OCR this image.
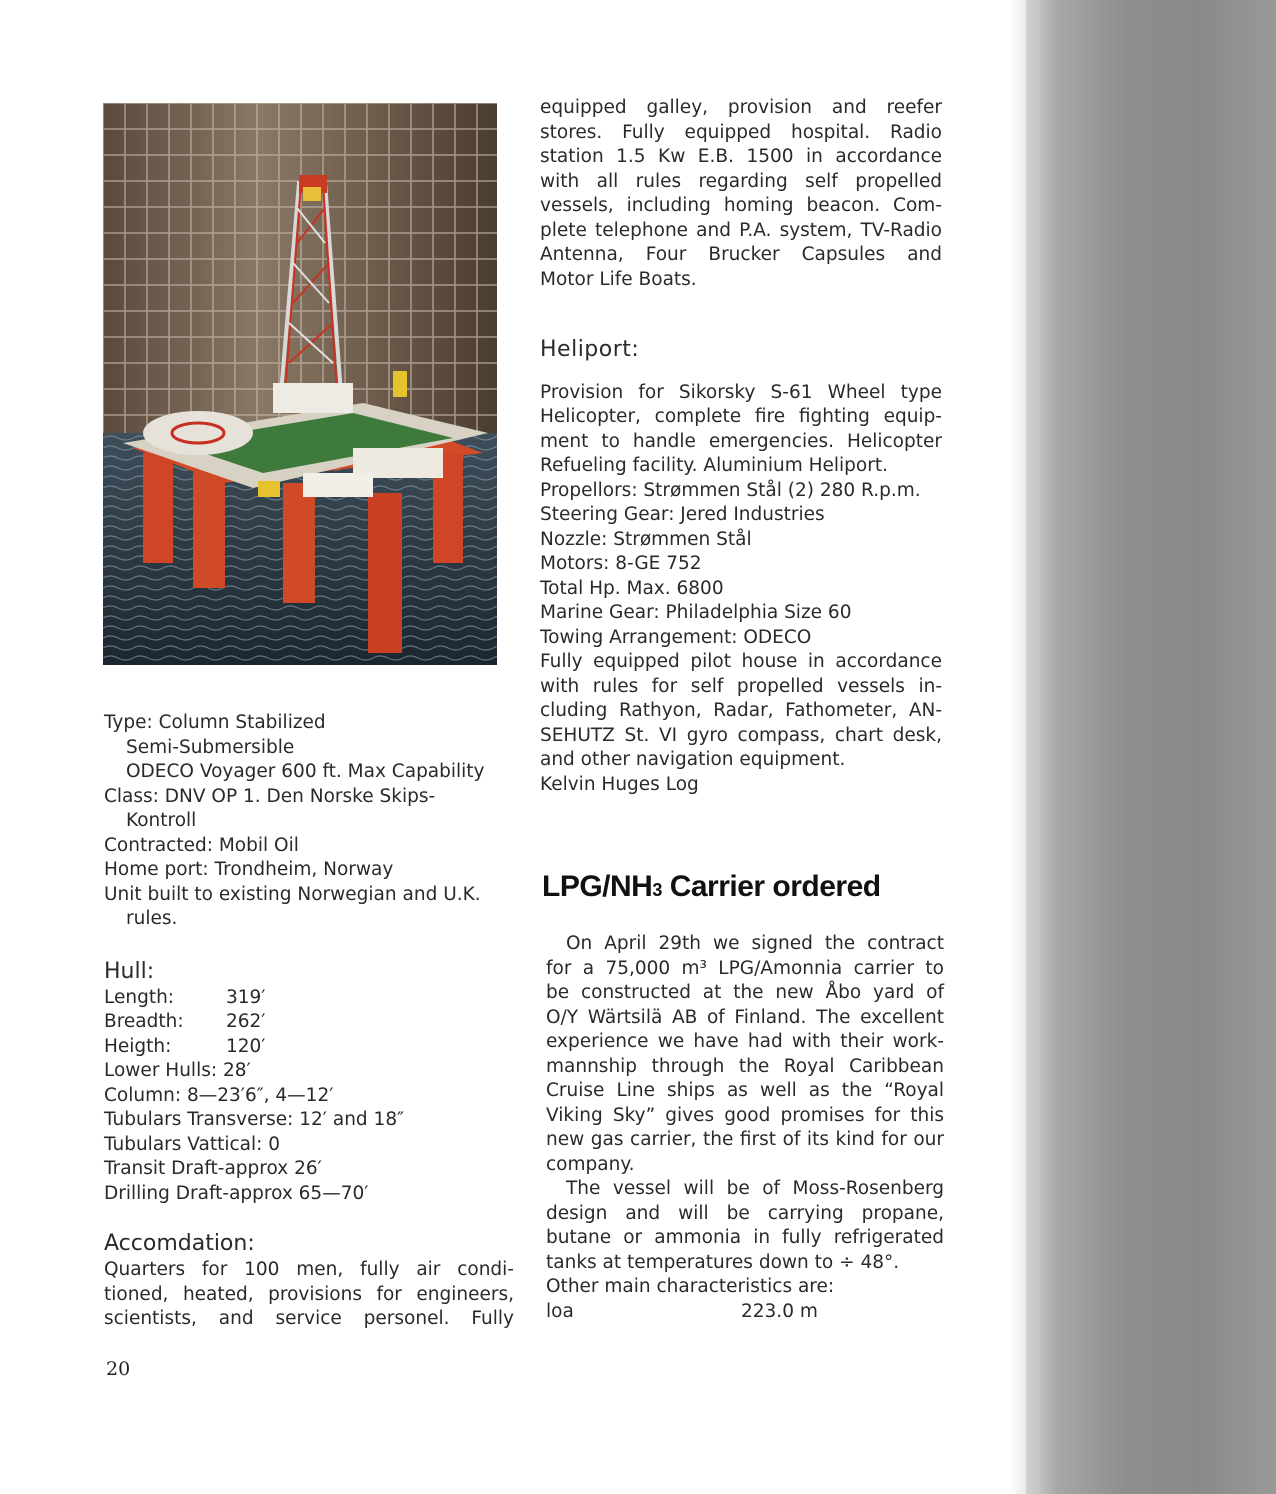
Type: Column Stabilized
Semi-Submersible
ODECO Voyager 600 ft. Max Capability
Class: DNV OP 1. Den Norske Skips-
Kontroll
Contracted: Mobil Oil
Home port: Trondheim, Norway
Unit built to existing Norwegian and U.K.
rules.
Hull:
Length:	319′
Breadth:	262′
Heigth:	120′
Lower Hulls: 28′
Column: 8—23′6″, 4—12′
Tubulars Transverse: 12′ and 18″
Tubulars Vattical: 0
Transit Draft-approx 26′
Drilling Draft-approx 65—70′
Accomdation:
Quarters for 100 men, fully air condi-
tioned, heated, provisions for engineers,
scientists, and service personel. Fully
equipped galley, provision and reefer
stores. Fully equipped hospital. Radio
station 1.5 Kw E.B. 1500 in accordance
with all rules regarding self propelled
vessels, including homing beacon. Com-
plete telephone and P.A. system, TV-Radio
Antenna, Four Brucker Capsules and
Motor Life Boats.
Heliport:
Provision for Sikorsky S-61 Wheel type
Helicopter, complete fire fighting equip-
ment to handle emergencies. Helicopter
Refueling facility. Aluminium Heliport.
Propellors: Strømmen Stål (2) 280 R.p.m.
Steering Gear: Jered Industries
Nozzle: Strømmen Stål
Motors: 8-GE 752
Total Hp. Max. 6800
Marine Gear: Philadelphia Size 60
Towing Arrangement: ODECO
Fully equipped pilot house in accordance
with rules for self propelled vessels in-
cluding Rathyon, Radar, Fathometer, AN-
SEHUTZ St. VI gyro compass, chart desk,
and other navigation equipment.
Kelvin Huges Log
LPG/NH3 Carrier ordered
On April 29th we signed the contract
for a 75,000 m³ LPG/Amonnia carrier to
be constructed at the new Åbo yard of
O/Y Wärtsilä AB of Finland. The excellent
experience we have had with their work-
mannship through the Royal Caribbean
Cruise Line ships as well as the “Royal
Viking Sky” gives good promises for this
new gas carrier, the first of its kind for our
company.
The vessel will be of Moss-Rosenberg
design and will be carrying propane,
butane or ammonia in fully refrigerated
tanks at temperatures down to ÷ 48°.
Other main characteristics are:
loa	223.0 m
20
